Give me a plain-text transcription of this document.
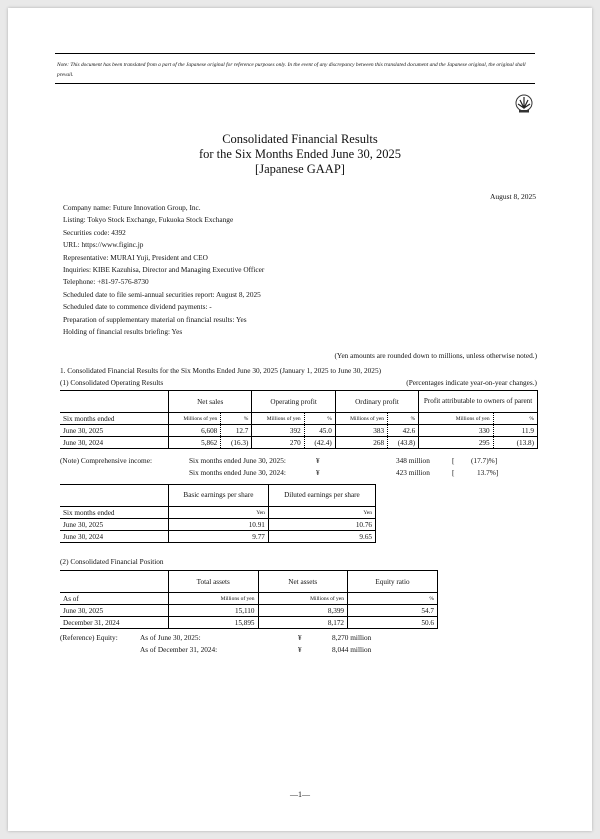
Note: This document has been translated from a part of the Japanese original for reference purposes only. In the event of any discrepancy between this translated document and the Japanese original, the original shall prevail.
Consolidated Financial Results
for the Six Months Ended June 30, 2025
[Japanese GAAP]
August 8, 2025
Company name: Future Innovation Group, Inc.
Listing: Tokyo Stock Exchange, Fukuoka Stock Exchange
Securities code: 4392
URL: https://www.figinc.jp
Representative: MURAI Yuji, President and CEO
Inquiries: KIBE Kazuhisa, Director and Managing Executive Officer
Telephone: +81-97-576-8730
Scheduled date to file semi-annual securities report: August 8, 2025
Scheduled date to commence dividend payments: -
Preparation of supplementary material on financial results: Yes
Holding of financial results briefing: Yes
(Yen amounts are rounded down to millions, unless otherwise noted.)
1. Consolidated Financial Results for the Six Months Ended June 30, 2025 (January 1, 2025 to June 30, 2025)
(1) Consolidated Operating Results	(Percentages indicate year-on-year changes.)
	Net sales		Operating profit		Ordinary profit		Profit attributable to owners of parent	
Six months ended	Millions of yen	%	Millions of yen	%	Millions of yen	%	Millions of yen	%
June 30, 2025	6,608	12.7	392	45.0	383	42.6	330	11.9
June 30, 2024	5,862	(16.3)	270	(42.4)	268	(43.8)	295	(13.8)
(Note) Comprehensive income:	Six months ended June 30, 2025:	¥	348 million	[ (17.7)%]
Six months ended June 30, 2024:	¥	423 million	[	13.7%]
	Basic earnings per share	Diluted earnings per share
Six months ended	Yen	Yen
June 30, 2025	10.91	10.76
June 30, 2024	9.77	9.65
(2) Consolidated Financial Position
	Total assets	Net assets	Equity ratio
As of	Millions of yen	Millions of yen	%
June 30, 2025	15,110	8,399	54.7
December 31, 2024	15,895	8,172	50.6
(Reference) Equity:	As of June 30, 2025:	¥	8,270 million
As of December 31, 2024:	¥	8,044 million
—1—
